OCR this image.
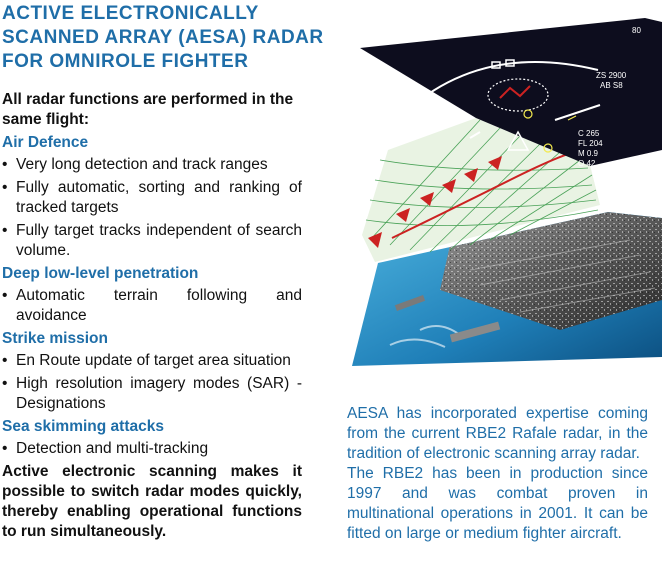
ACTIVE ELECTRONICALLY
SCANNED ARRAY (AESA) RADAR
FOR OMNIROLE FIGHTER

All radar functions are performed in the same flight:

Air Defence
• Very long detection and track ranges
• Fully automatic, sorting and ranking of tracked targets
• Fully target tracks independent of search volume.
Deep low-level penetration
• Automatic terrain following and avoidance
Strike mission
• En Route update of target area situation
• High resolution imagery modes (SAR) - Designations
Sea skimming attacks
• Detection and multi-tracking

Active electronic scanning makes it possible to switch radar modes quickly, thereby enabling operational functions to run simultaneously.

80
ZS 2900
AB S8
C 265
FL 204
M 0.9
O 42

AESA has incorporated expertise coming from the current RBE2 Rafale radar, in the tradition of electronic scanning array radar.

The RBE2 has been in production since 1997 and was combat proven in multinational operations in 2001. It can be fitted on large or medium fighter aircraft.
